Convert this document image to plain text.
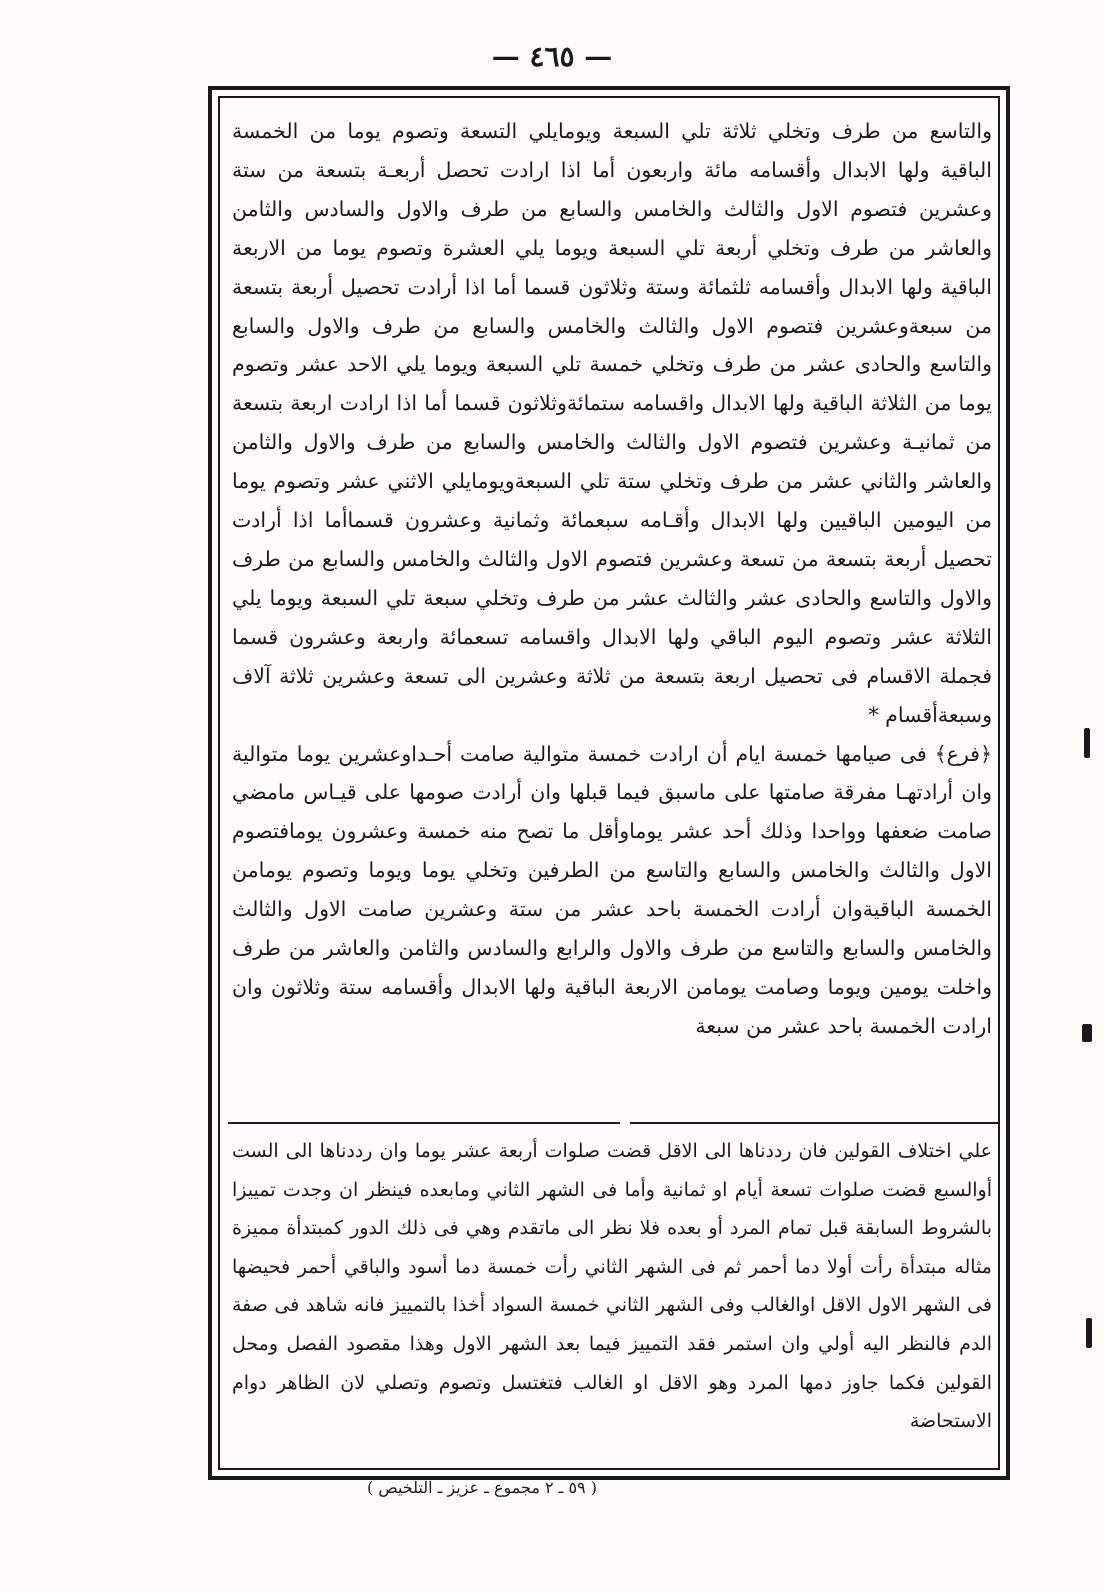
— ٤٦٥ —

والتاسع من طرف وتخلي ثلاثة تلي السبعة ويومايلي التسعة وتصوم يوما من الخمسة الباقية ولها الابدال وأقسامه مائة واربعون أما اذا ارادت تحصل أربعـة بتسعة من ستة وعشرين فتصوم الاول والثالث والخامس والسابع من طرف والاول والسادس والثامن والعاشر من طرف وتخلي أربعة تلي السبعة ويوما يلي العشرة وتصوم يوما من الاربعة الباقية ولها الابدال وأقسامه ثلثمائة وستة وثلاثون قسما أما اذا أرادت تحصيل أربعة بتسعة من سبعةوعشرين فتصوم الاول والثالث والخامس والسابع من طرف والاول والسابع والتاسع والحادى عشر من طرف وتخلي خمسة تلي السبعة ويوما يلي الاحد عشر وتصوم يوما من الثلاثة الباقية ولها الابدال واقسامه ستمائةوثلاثون قسما أما اذا ارادت اربعة بتسعة من ثمانيـة وعشرين فتصوم الاول والثالث والخامس والسابع من طرف والاول والثامن والعاشر والثاني عشر من طرف وتخلي ستة تلي السبعةويومايلي الاثني عشر وتصوم يوما من اليومين الباقيين ولها الابدال وأقـامه سبعمائة وثمانية وعشرون قسماأما اذا أرادت تحصيل أربعة بتسعة من تسعة وعشرين فتصوم الاول والثالث والخامس والسابع من طرف والاول والتاسع والحادى عشر والثالث عشر من طرف وتخلي سبعة تلي السبعة ويوما يلي الثلاثة عشر وتصوم اليوم الباقي ولها الابدال واقسامه تسعمائة واربعة وعشرون قسما فجملة الاقسام فى تحصيل اربعة بتسعة من ثلاثة وعشرين الى تسعة وعشرين ثلاثة آلاف وسبعةأقسام *

﴿فرع﴾ فى صيامها خمسة ايام أن ارادت خمسة متوالية صامت أحـداوعشرين يوما متوالية وان أرادتهـا مفرقة صامتها على ماسبق فيما قبلها وان أرادت صومها على قيـاس مامضي صامت ضعفها وواحدا وذلك أحد عشر يوماوأقل ما تصح منه خمسة وعشرون يومافتصوم الاول والثالث والخامس والسابع والتاسع من الطرفين وتخلي يوما ويوما وتصوم يومامن الخمسة الباقيةوان أرادت الخمسة باحد عشر من ستة وعشرين صامت الاول والثالث والخامس والسابع والتاسع من طرف والاول والرابع والسادس والثامن والعاشر من طرف واخلت يومين ويوما وصامت يومامن الاربعة الباقية ولها الابدال وأقسامه ستة وثلاثون وان ارادت الخمسة باحد عشر من سبعة

علي اختلاف القولين فان رددناها الى الاقل قضت صلوات أربعة عشر يوما وان رددناها الى الست أوالسبع قضت صلوات تسعة أيام او ثمانية وأما فى الشهر الثاني ومابعده فينظر ان وجدت تمييزا بالشروط السابقة قبل تمام المرد أو بعده فلا نظر الى ماتقدم وهي فى ذلك الدور كمبتدأة مميزة مثاله مبتدأة رأت أولا دما أحمر ثم فى الشهر الثاني رأت خمسة دما أسود والباقي أحمر فحيضها فى الشهر الاول الاقل اوالغالب وفى الشهر الثاني خمسة السواد أخذا بالتمييز فانه شاهد فى صفة الدم فالنظر اليه أولي وان استمر فقد التمييز فيما بعد الشهر الاول وهذا مقصود الفصل ومحل القولين فكما جاوز دمها المرد وهو الاقل او الغالب فتغتسل وتصوم وتصلي لان الظاهر دوام الاستحاضة

( ٥٩ ـ ٢ مجموع ـ عزيز ـ التلخيص )
